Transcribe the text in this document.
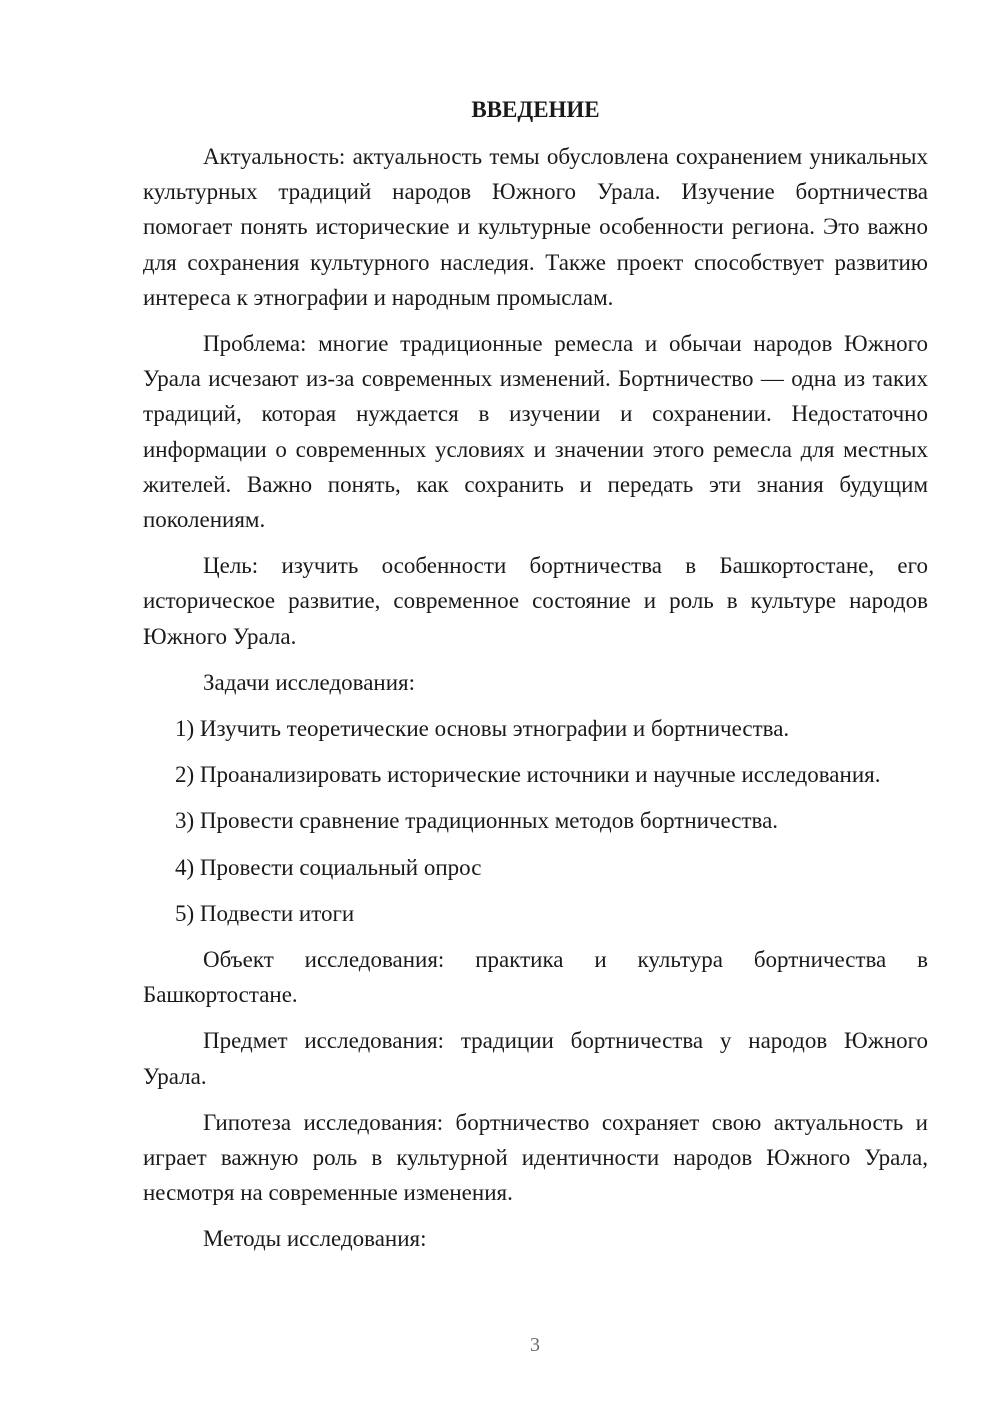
ВВЕДЕНИЕ

Актуальность: актуальность темы обусловлена сохранением уникальных культурных традиций народов Южного Урала. Изучение бортничества помогает понять исторические и культурные особенности региона. Это важно для сохранения культурного наследия. Также проект способствует развитию интереса к этнографии и народным промыслам.

Проблема: многие традиционные ремесла и обычаи народов Южного Урала исчезают из-за современных изменений. Бортничество — одна из таких традиций, которая нуждается в изучении и сохранении. Недостаточно информации о современных условиях и значении этого ремесла для местных жителей. Важно понять, как сохранить и передать эти знания будущим поколениям.

Цель: изучить особенности бортничества в Башкортостане, его историческое развитие, современное состояние и роль в культуре народов Южного Урала.

Задачи исследования:

1) Изучить теоретические основы этнографии и бортничества.

2) Проанализировать исторические источники и научные исследования.

3) Провести сравнение традиционных методов бортничества.

4) Провести социальный опрос

5) Подвести итоги

Объект исследования: практика и культура бортничества в Башкортостане.

Предмет исследования: традиции бортничества у народов Южного Урала.

Гипотеза исследования: бортничество сохраняет свою актуальность и играет важную роль в культурной идентичности народов Южного Урала, несмотря на современные изменения.

Методы исследования:

3
